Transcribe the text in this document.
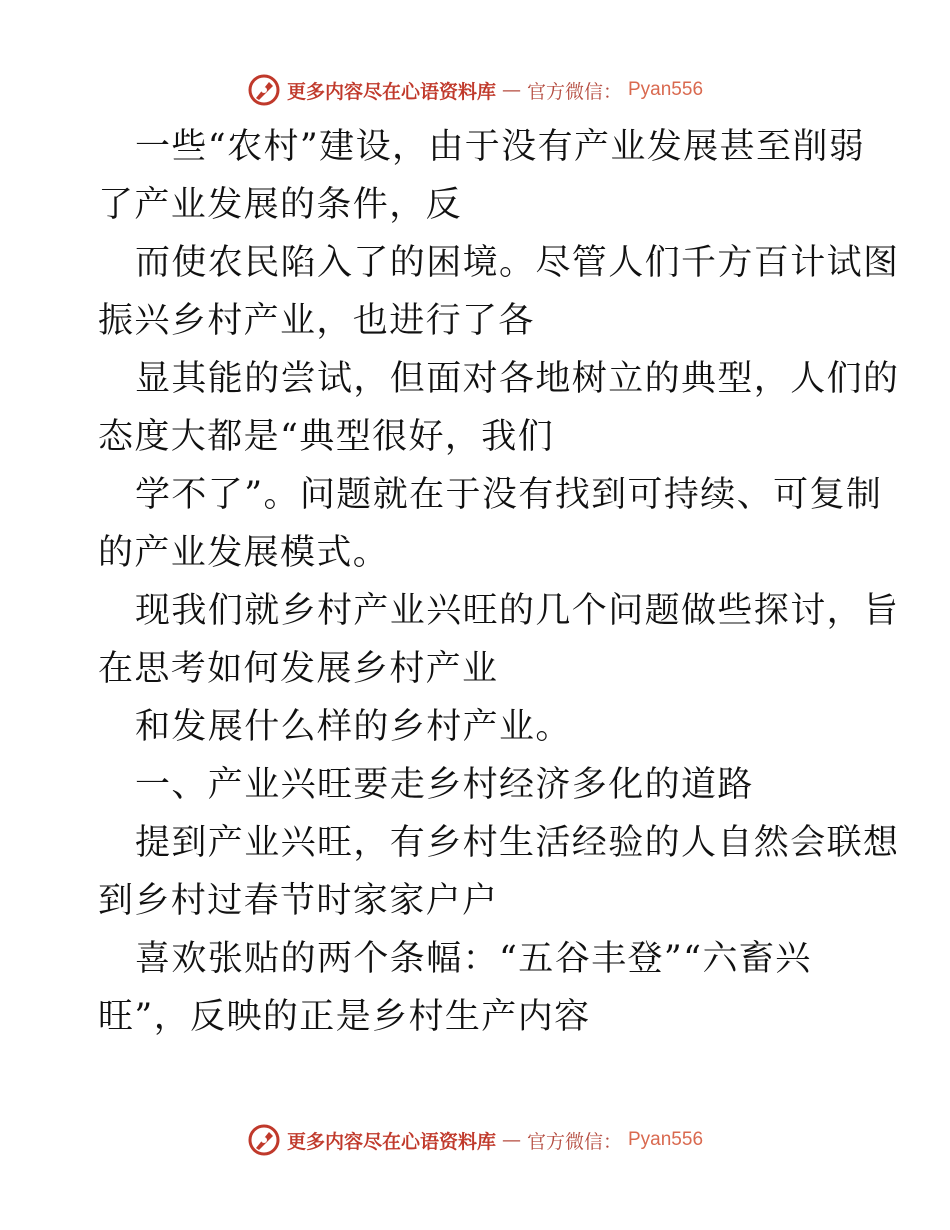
更多内容尽在心语资料库 — 官方微信： Pyan556
一些“农村”建设，由于没有产业发展甚至削弱
了产业发展的条件，反
而使农民陷入了的困境。尽管人们千方百计试图
振兴乡村产业，也进行了各
显其能的尝试，但面对各地树立的典型，人们的
态度大都是“典型很好，我们
学不了”。问题就在于没有找到可持续、可复制
的产业发展模式。
现我们就乡村产业兴旺的几个问题做些探讨，旨
在思考如何发展乡村产业
和发展什么样的乡村产业。
一、产业兴旺要走乡村经济多化的道路
提到产业兴旺，有乡村生活经验的人自然会联想
到乡村过春节时家家户户
喜欢张贴的两个条幅：“五谷丰登”“六畜兴
旺”，反映的正是乡村生产内容
更多内容尽在心语资料库 — 官方微信： Pyan556
